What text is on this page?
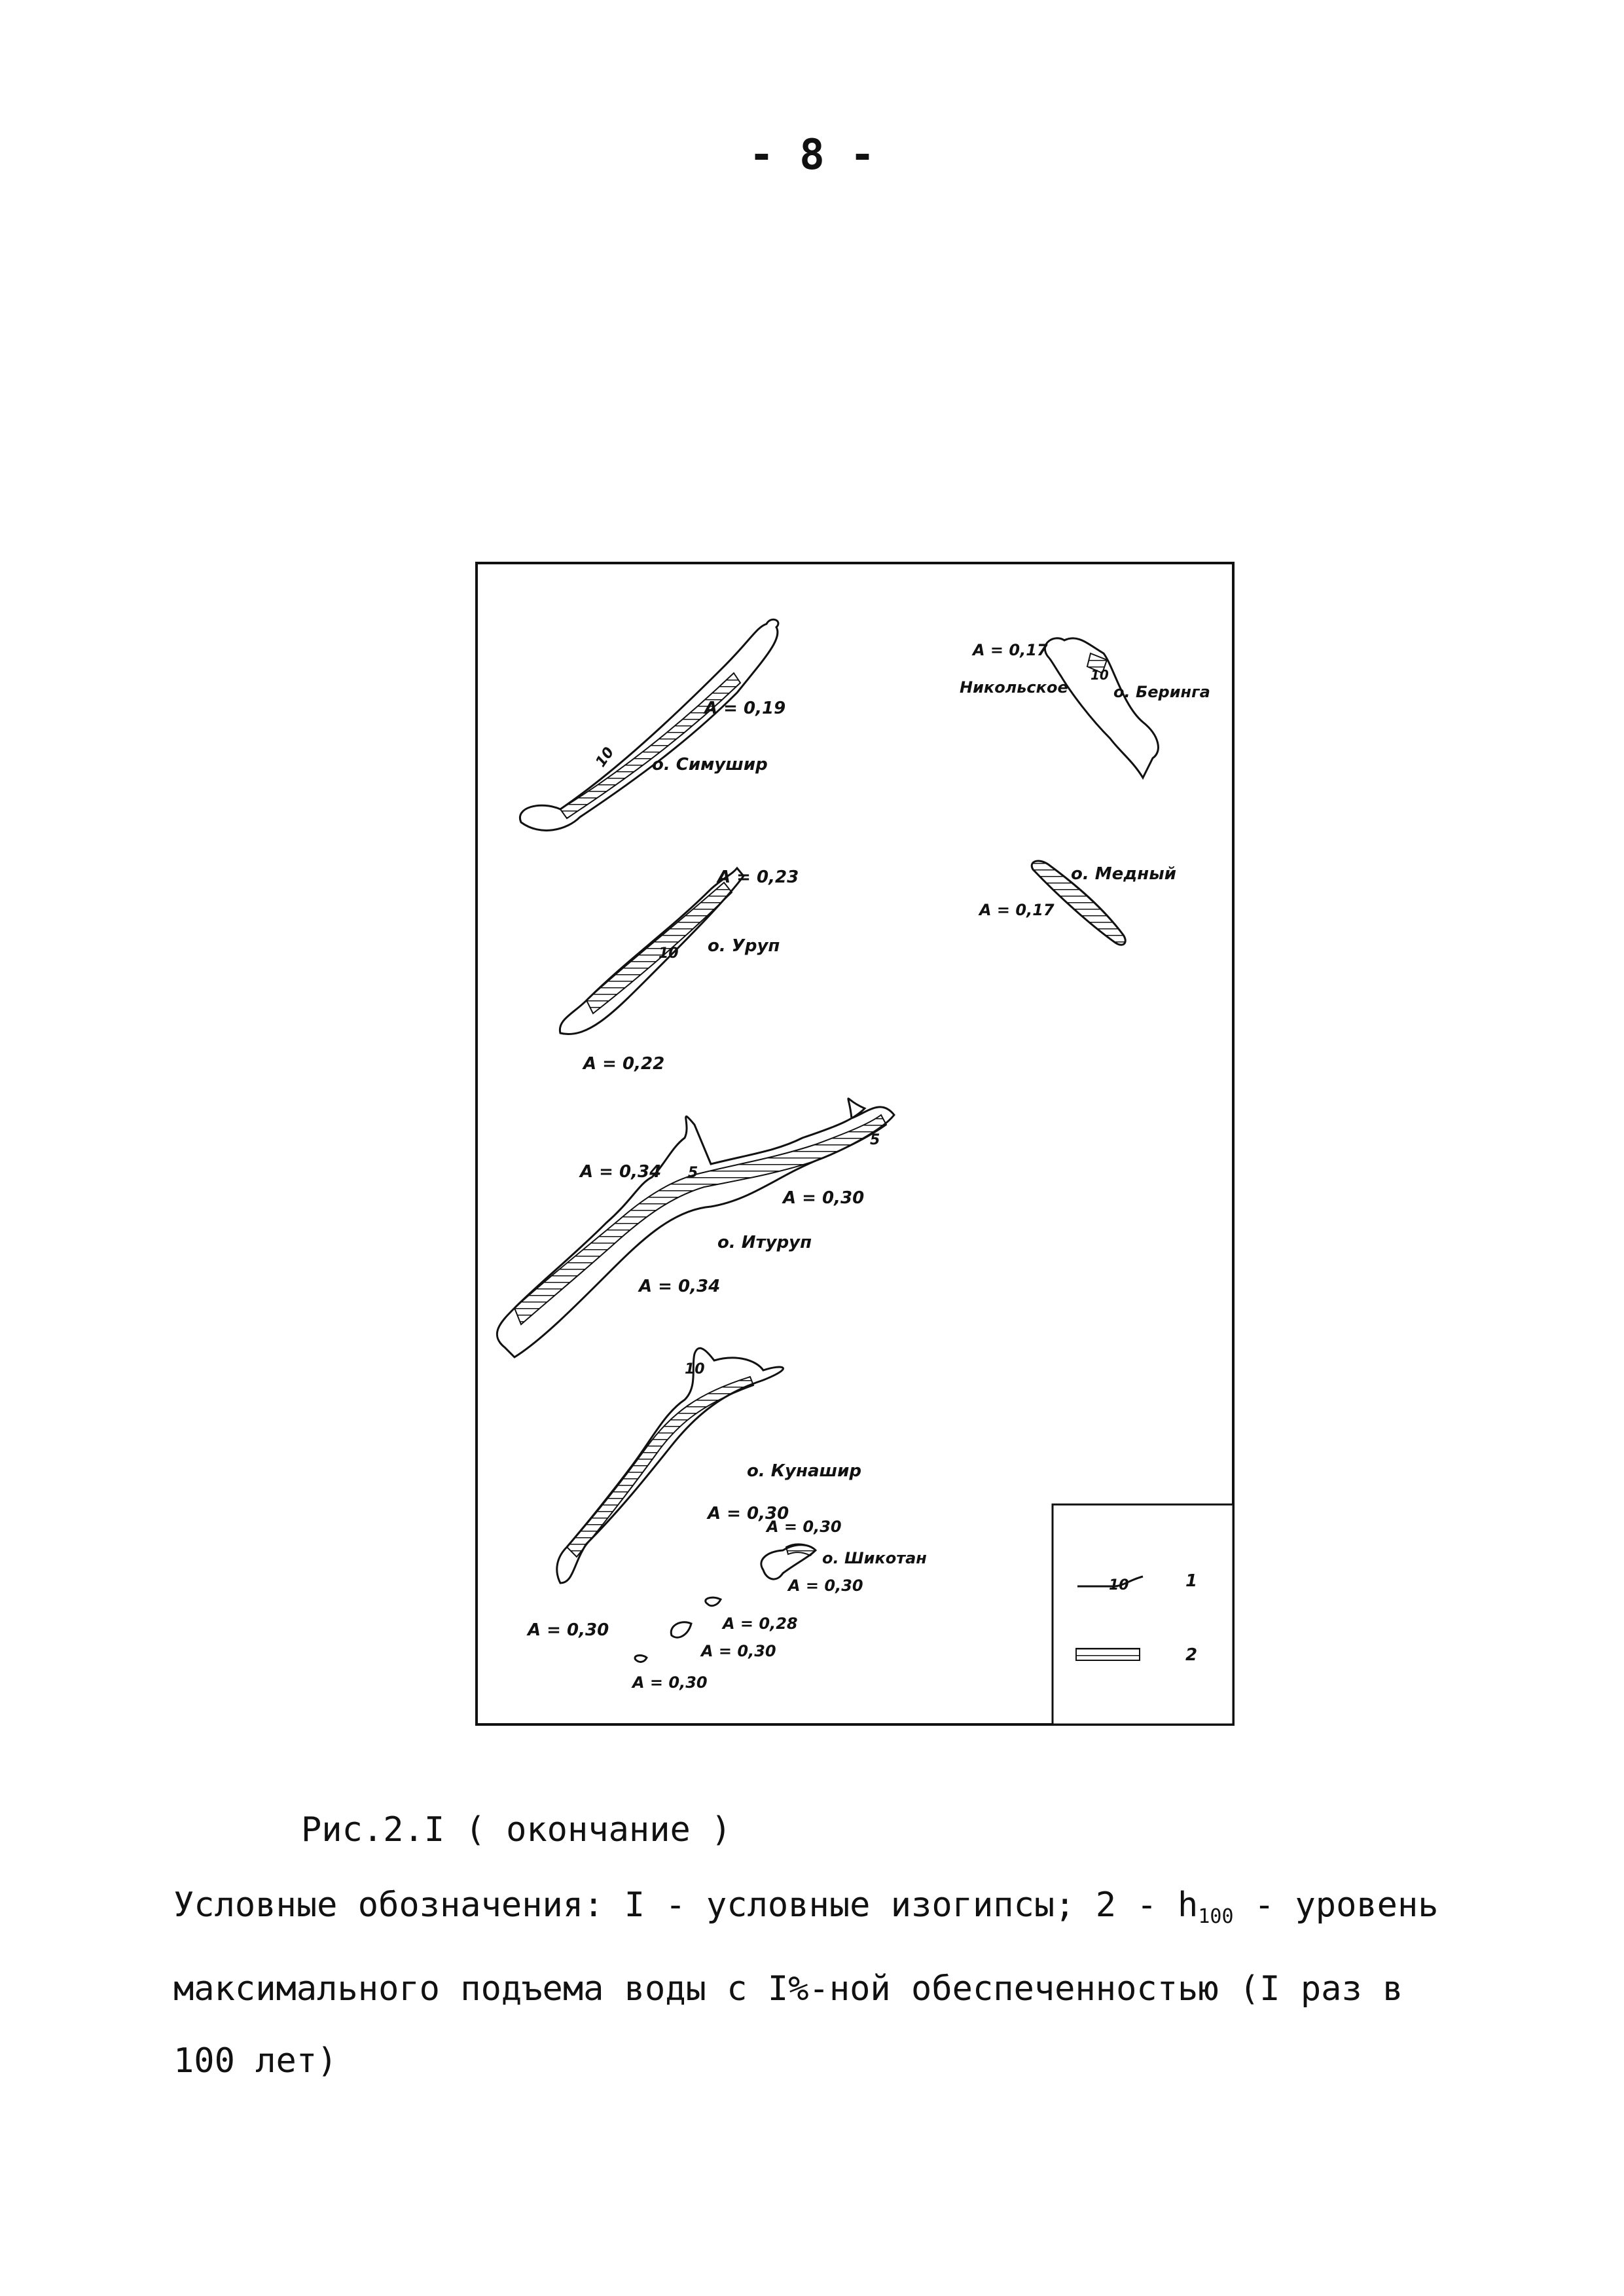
- 8 -
A = 0,19
о. Симушир
10
A = 0,23
о. Уруп
10
A = 0,22
A = 0,34
A = 0,30
о. Итуруп
A = 0,34
5
5
о. Кунашир
A = 0,30
A = 0,30
10
A = 0,30
о. Шикотан
A = 0,30
A = 0,28
A = 0,30
A = 0,30
A = 0,17
Никольское	о. Беринга
10
о. Медный
A = 0,17
10	1
2
Рис.2.I ( окончание )
Условные обозначения: I - условные изогипсы; $2 - h_{100}$ - уровень максимального подъема воды с I%-ной обеспеченностью (I раз в 100 лет)
